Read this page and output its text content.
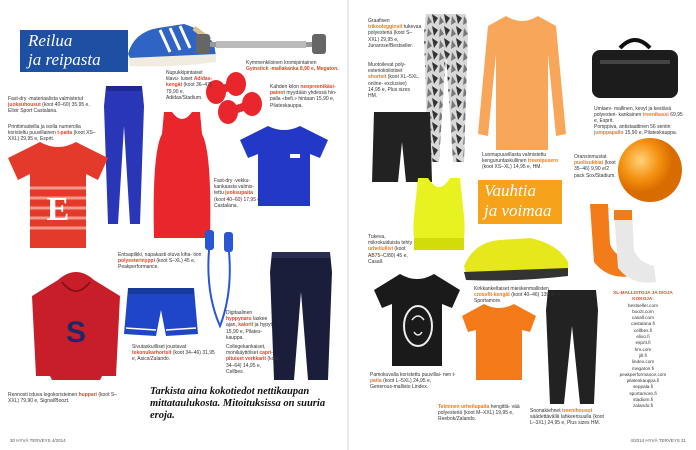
Reilua
ja reipasta
E
S
Vauhtia
ja voimaa
Kymmenkiloinen kromipintainen
Gymstick -mallakanka 8,90 e, Megaton.
Nupukkipintaiset tilavu- luiset Adidas-kengät (koot 36–47) 79,90 e, Adidas/Stadium.
Kahden kilon neopreenikäsi- painot myydään yhdessä hin- palla «befi.» hintaan 15,90 e, Pilateskauppa.
Fast-dry -materiaalista valmistetut juoksuhousut (koot 40–60) 35,95 e, Elixir Sport Castalana.
Printtimadeilla ja isolla numerolla koristeltu puuvillainen t-paita (koot XS–XXL) 29,95 e, Esprit.
Fast-dry -vekku- kankaasta valmis- tettu juoksupaita (koot 40–60) 17,95 e, Castalana.
Entsapilkki, napakasti otuva kiha- tion polyesterinyppi (koot S–XL) 45 e, Peakperformance.
Digitaalinen hyppynaru laskee ajan, kalorit ja hypyt 15,90 e, Pilates- kauppa.
Collegekankaiset, monikäyttöiset capri- pituiset verkkarit (koot 34–64) 14,95 e, Cellbes.
Sivutaskuilliset joustavat tekonukarhortsit (koot 34–46) 31,95 e, Asics/Zalando.
Rennosti istuva logokoristeinen huppari (koot S–XXL) 79,90 e, Signal/Boozt.
Tarkista aina kokotiedot nettikaupan mittataulukosta. Mitoituksissa on suuria eroja.
Graafisen trikoolegginsit tukevaa polyesteriä (koot S–XXL) 29,95 e, Junarose/Bestseller.
Muotoilevat poly- esteriokoilotiset shortsit (koot XL–5XL, online- exclusive) 14,95 e, Plus sizes HM.
Luomupuuvillasta valmistettu kenguruntaskullinen treenipusero (koot XS–XL) 14,95 e, HM.
Umlaev- mallinen, kevyt ja kestävä polyesteri- kankainen treenikassi 69,95 e, Esprit.
Pomppiva, antistaattinen 56 sentin jumppapallo 15,90 e, Pilateskauppa.
Oransinmustat puolisukkiat (koot 35–46) 9,90 e/2 pack Sox/Stadium.
Tukeva, mikrokuiduista tehty urheiluliivi (koot AB75–C/80) 45 e, Casall.
Kirkkankeltaiset mieskenmallisten crossfit-kengät (koot 40–46) 139,90 e, Sportamore.
Pamokuvalla koristettu puuvillai- nen t- paita (koot L–5XL) 24,95 e, Generous-mallisto Lindex.
Tekninen urheilupaita hengittä- vää polyesteriä (koot M–XXL) 19,95 e, Reebok/Zalando.
Soonakiehnet treenihousut säädettävällä lahkeensuulla (koot L–3XL) 24,95 e, Plus sizes HM.
XL-MALLISTOJA JA ISOJA KOKOJA:
bestseller.com
boozt.com
casall.com
castalana.fi
cellbes.fi
elixo.fi
esprit.fi
hm.com
jill.fi
lindex.com
megaton.fi
peakperformance.com
pilateskauppa.fi
seppala.fi
sportamore.fi
stadium.fi
zalando.fi
30 HYVÄ TERVEYS 4/2014	4/2014 HYVÄ TERVEYS 31
